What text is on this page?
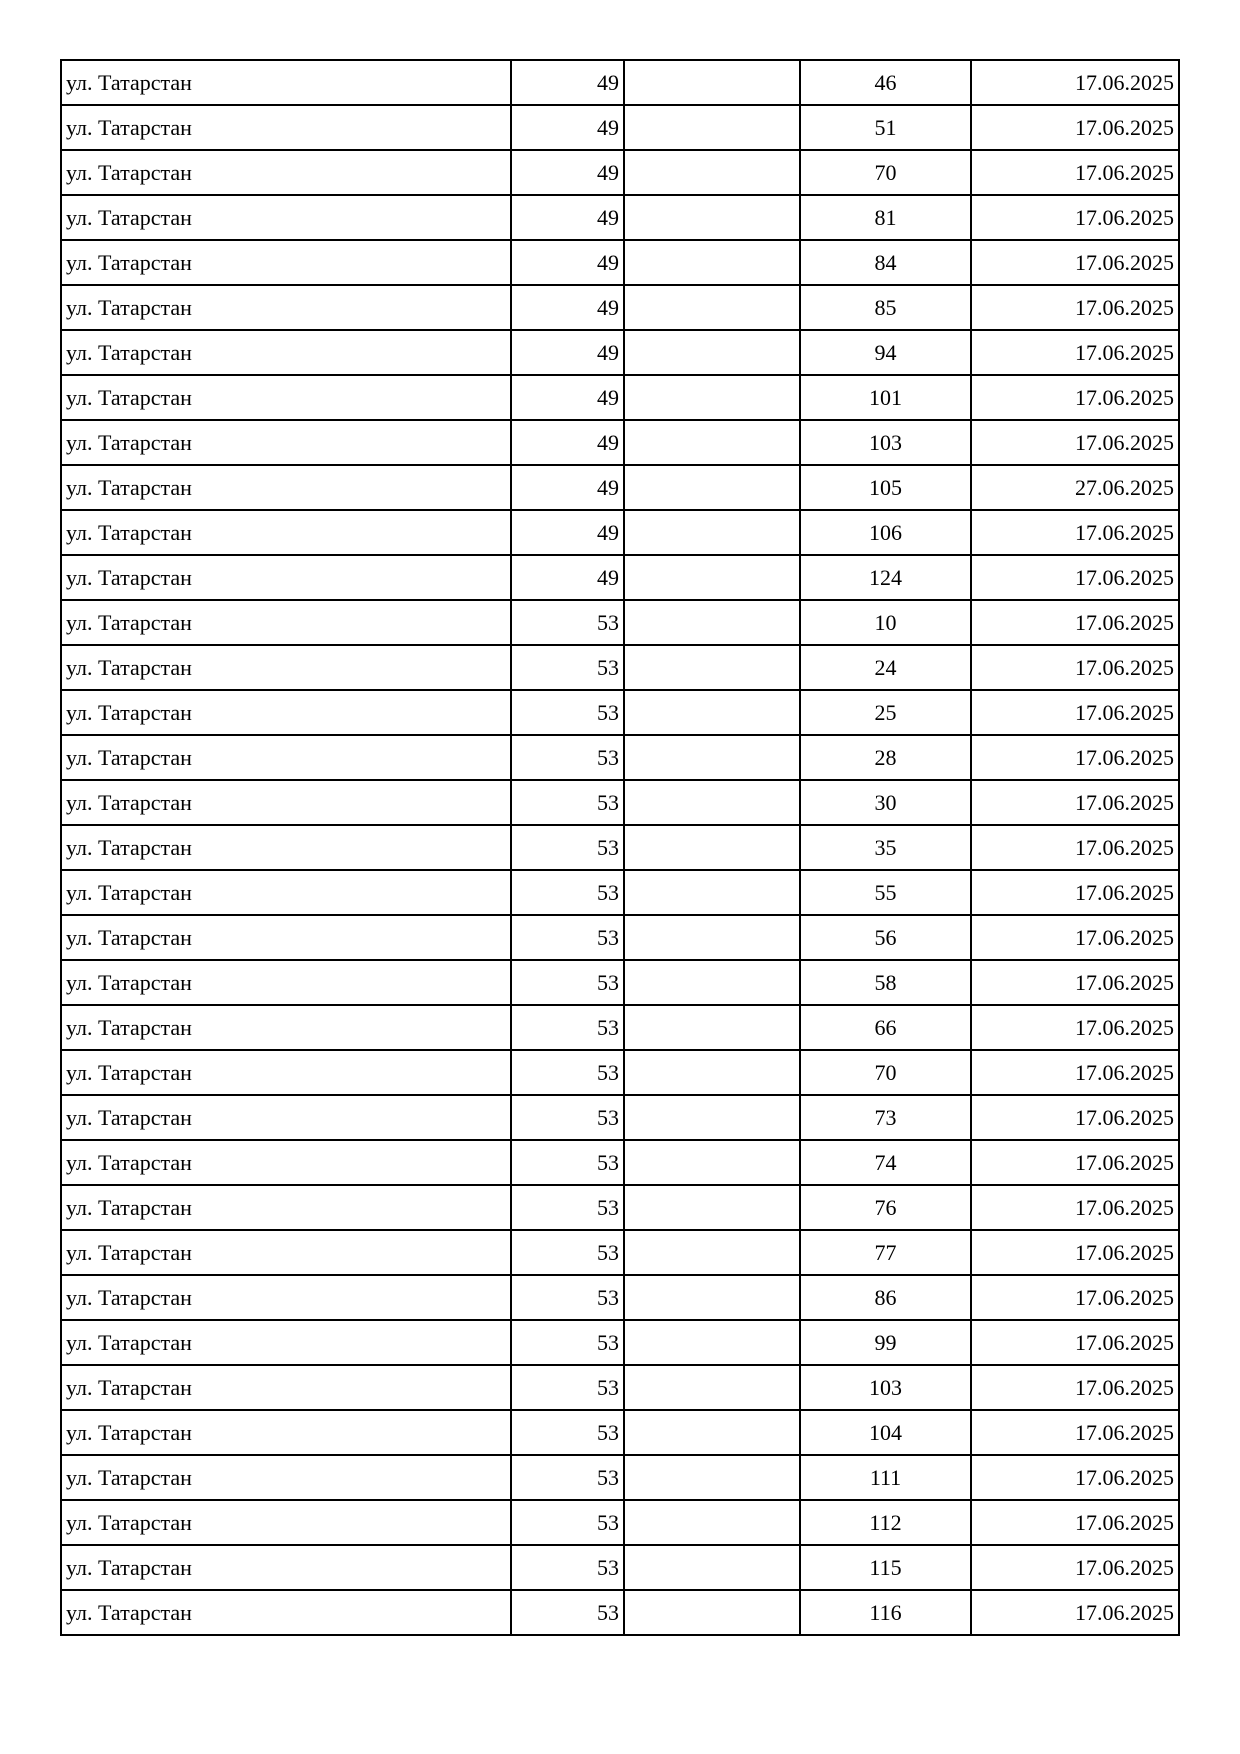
ул. Татарстан	49		46	17.06.2025
ул. Татарстан	49		51	17.06.2025
ул. Татарстан	49		70	17.06.2025
ул. Татарстан	49		81	17.06.2025
ул. Татарстан	49		84	17.06.2025
ул. Татарстан	49		85	17.06.2025
ул. Татарстан	49		94	17.06.2025
ул. Татарстан	49		101	17.06.2025
ул. Татарстан	49		103	17.06.2025
ул. Татарстан	49		105	27.06.2025
ул. Татарстан	49		106	17.06.2025
ул. Татарстан	49		124	17.06.2025
ул. Татарстан	53		10	17.06.2025
ул. Татарстан	53		24	17.06.2025
ул. Татарстан	53		25	17.06.2025
ул. Татарстан	53		28	17.06.2025
ул. Татарстан	53		30	17.06.2025
ул. Татарстан	53		35	17.06.2025
ул. Татарстан	53		55	17.06.2025
ул. Татарстан	53		56	17.06.2025
ул. Татарстан	53		58	17.06.2025
ул. Татарстан	53		66	17.06.2025
ул. Татарстан	53		70	17.06.2025
ул. Татарстан	53		73	17.06.2025
ул. Татарстан	53		74	17.06.2025
ул. Татарстан	53		76	17.06.2025
ул. Татарстан	53		77	17.06.2025
ул. Татарстан	53		86	17.06.2025
ул. Татарстан	53		99	17.06.2025
ул. Татарстан	53		103	17.06.2025
ул. Татарстан	53		104	17.06.2025
ул. Татарстан	53		111	17.06.2025
ул. Татарстан	53		112	17.06.2025
ул. Татарстан	53		115	17.06.2025
ул. Татарстан	53		116	17.06.2025
